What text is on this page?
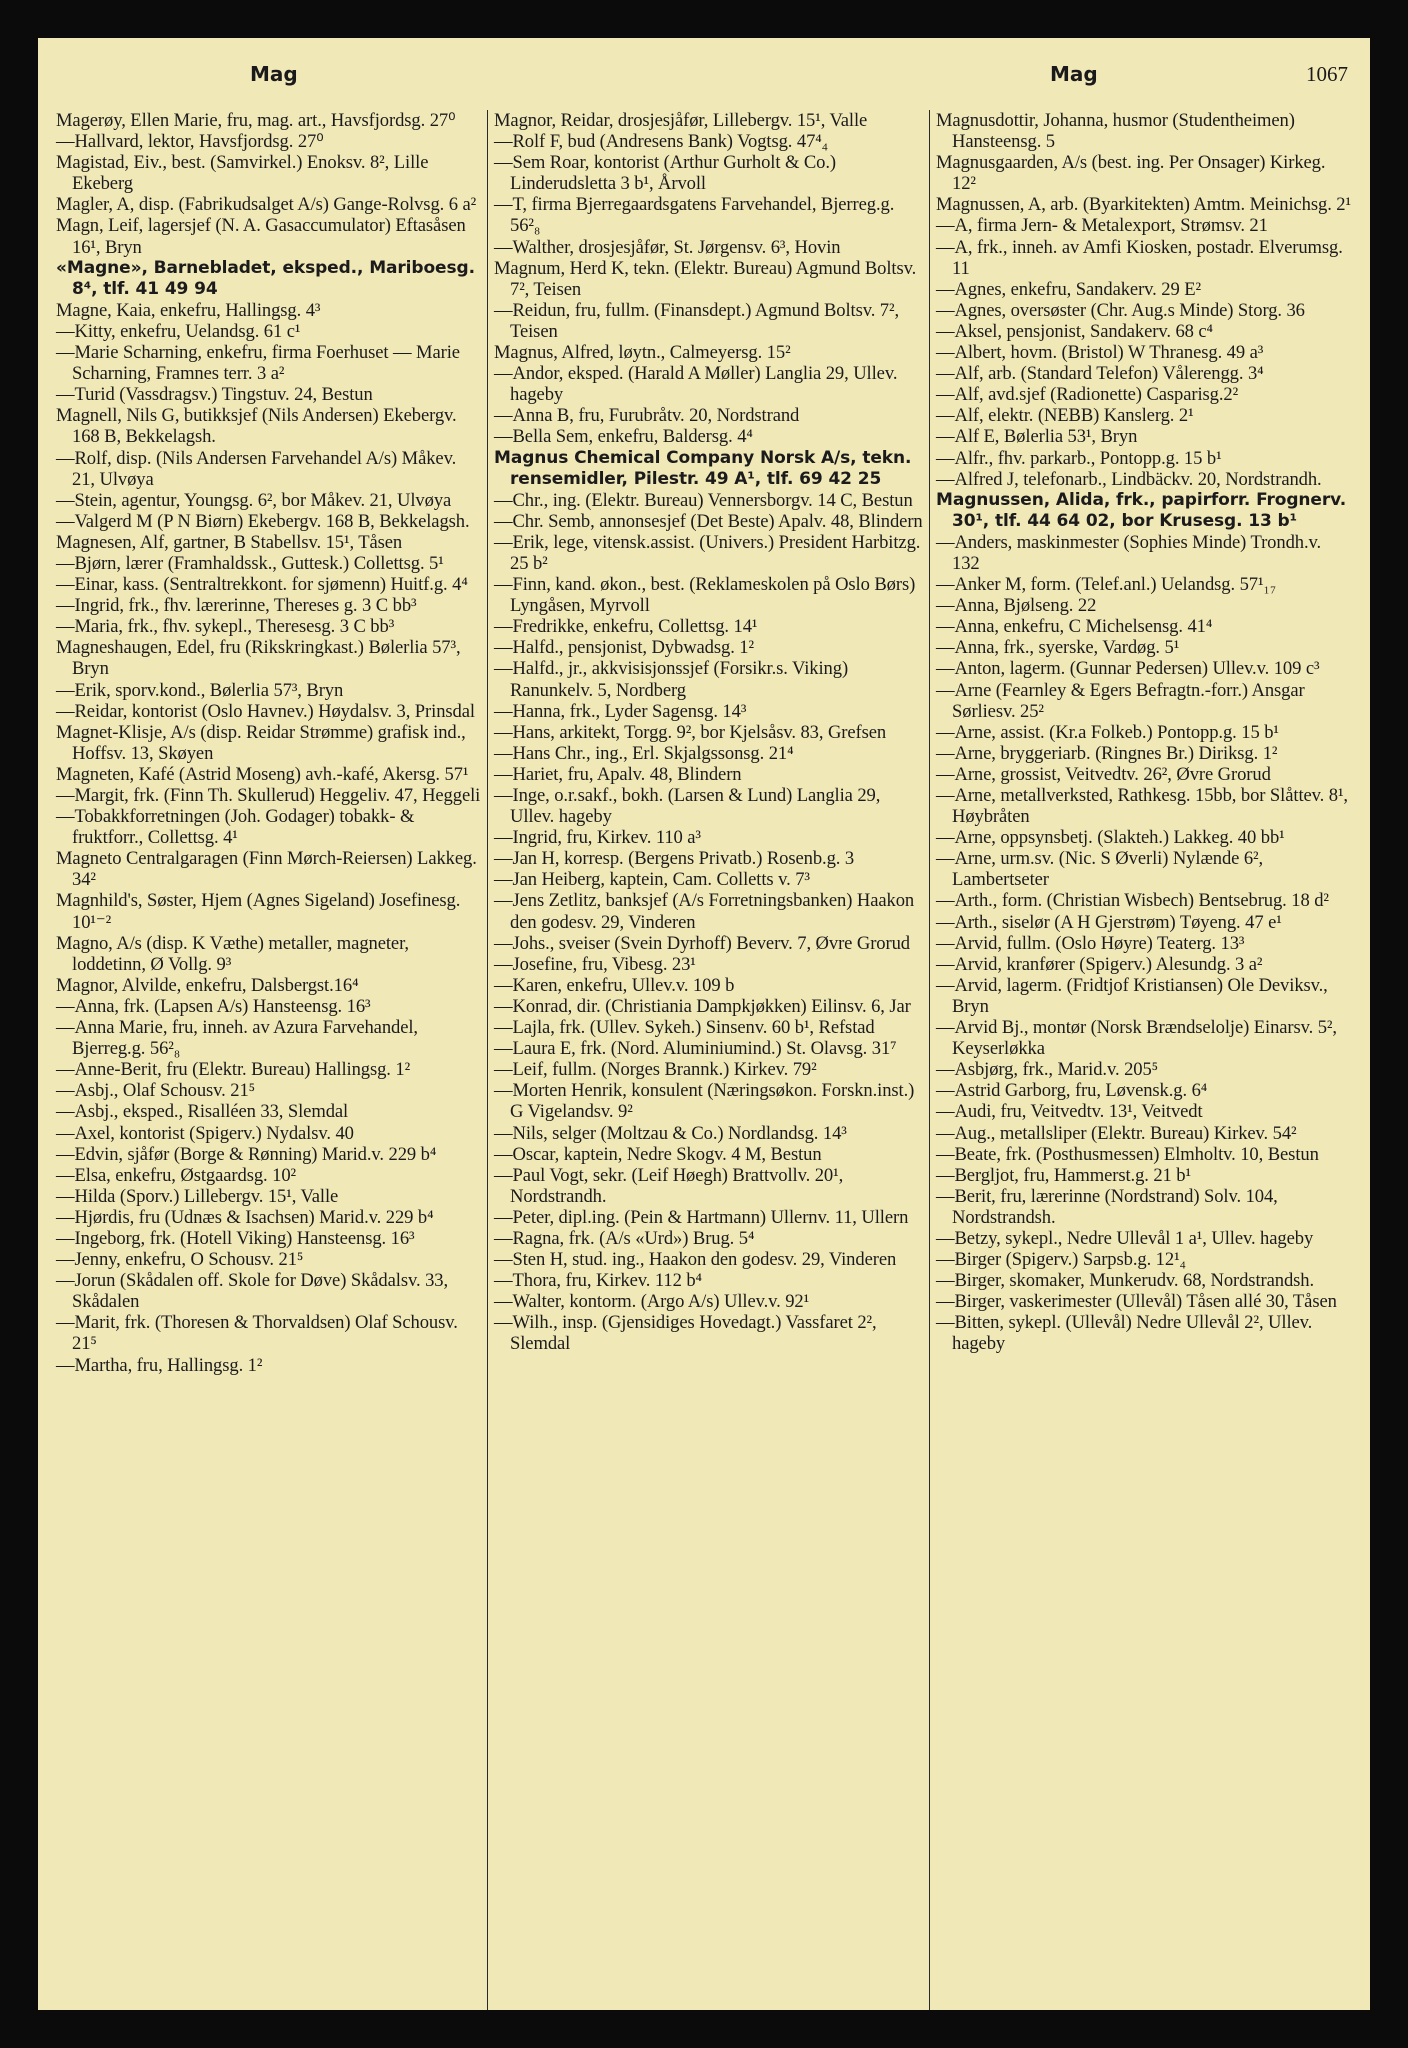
Mag	Mag	1067

Magerøy, Ellen Marie, fru, mag. art., Havsfjordsg. 27⁰

—Hallvard, lektor, Havsfjordsg. 27⁰

Magistad, Eiv., best. (Samvirkel.) Enoksv. 8², Lille Ekeberg

Magler, A, disp. (Fabrikudsalget A/s) Gange-Rolvsg. 6 a²

Magn, Leif, lagersjef (N. A. Gasaccumulator) Eftasåsen 16¹, Bryn

«Magne», Barnebladet, eksped., Mariboesg. 8⁴, tlf. 41 49 94

Magne, Kaia, enkefru, Hallingsg. 4³

—Kitty, enkefru, Uelandsg. 61 c¹

—Marie Scharning, enkefru, firma Foerhuset — Marie Scharning, Framnes terr. 3 a²

—Turid (Vassdragsv.) Tingstuv. 24, Bestun

Magnell, Nils G, butikksjef (Nils Andersen) Ekebergv. 168 B, Bekkelagsh.

—Rolf, disp. (Nils Andersen Farvehandel A/s) Måkev. 21, Ulvøya

—Stein, agentur, Youngsg. 6², bor Måkev. 21, Ulvøya

—Valgerd M (P N Biørn) Ekebergv. 168 B, Bekkelagsh.

Magnesen, Alf, gartner, B Stabellsv. 15¹, Tåsen

—Bjørn, lærer (Framhaldssk., Guttesk.) Collettsg. 5¹

—Einar, kass. (Sentraltrekkont. for sjømenn) Huitf.g. 4⁴

—Ingrid, frk., fhv. lærerinne, Thereses g. 3 C bb³

—Maria, frk., fhv. sykepl., Theresesg. 3 C bb³

Magneshaugen, Edel, fru (Rikskringkast.) Bølerlia 57³, Bryn

—Erik, sporv.kond., Bølerlia 57³, Bryn

—Reidar, kontorist (Oslo Havnev.) Høydalsv. 3, Prinsdal

Magnet-Klisje, A/s (disp. Reidar Strømme) grafisk ind., Hoffsv. 13, Skøyen

Magneten, Kafé (Astrid Moseng) avh.-kafé, Akersg. 57¹

—Margit, frk. (Finn Th. Skullerud) Heggeliv. 47, Heggeli

—Tobakkforretningen (Joh. Godager) tobakk- & fruktforr., Collettsg. 4¹

Magneto Centralgaragen (Finn Mørch-Reiersen) Lakkeg. 34²

Magnhild's, Søster, Hjem (Agnes Sigeland) Josefinesg. 10¹⁻²

Magno, A/s (disp. K Væthe) metaller, magneter, loddetinn, Ø Vollg. 9³

Magnor, Alvilde, enkefru, Dalsbergst.16⁴

—Anna, frk. (Lapsen A/s) Hansteensg. 16³

—Anna Marie, fru, inneh. av Azura Farvehandel, Bjerreg.g. 56²₈

—Anne-Berit, fru (Elektr. Bureau) Hallingsg. 1²

—Asbj., Olaf Schousv. 21⁵

—Asbj., eksped., Risalléen 33, Slemdal

—Axel, kontorist (Spigerv.) Nydalsv. 40

—Edvin, sjåfør (Borge & Rønning) Marid.v. 229 b⁴

—Elsa, enkefru, Østgaardsg. 10²

—Hilda (Sporv.) Lillebergv. 15¹, Valle

—Hjørdis, fru (Udnæs & Isachsen) Marid.v. 229 b⁴

—Ingeborg, frk. (Hotell Viking) Hansteensg. 16³

—Jenny, enkefru, O Schousv. 21⁵

—Jorun (Skådalen off. Skole for Døve) Skådalsv. 33, Skådalen

—Marit, frk. (Thoresen & Thorvaldsen) Olaf Schousv. 21⁵

—Martha, fru, Hallingsg. 1²

Magnor, Reidar, drosjesjåfør, Lillebergv. 15¹, Valle

—Rolf F, bud (Andresens Bank) Vogtsg. 47⁴₄

—Sem Roar, kontorist (Arthur Gurholt & Co.) Linderudsletta 3 b¹, Årvoll

—T, firma Bjerregaardsgatens Farvehandel, Bjerreg.g. 56²₈

—Walther, drosjesjåfør, St. Jørgensv. 6³, Hovin

Magnum, Herd K, tekn. (Elektr. Bureau) Agmund Boltsv. 7², Teisen

—Reidun, fru, fullm. (Finansdept.) Agmund Boltsv. 7², Teisen

Magnus, Alfred, løytn., Calmeyersg. 15²

—Andor, eksped. (Harald A Møller) Langlia 29, Ullev. hageby

—Anna B, fru, Furubråtv. 20, Nordstrand

—Bella Sem, enkefru, Baldersg. 4⁴

Magnus Chemical Company Norsk A/s, tekn. rensemidler, Pilestr. 49 A¹, tlf. 69 42 25

—Chr., ing. (Elektr. Bureau) Vennersborgv. 14 C, Bestun

—Chr. Semb, annonsesjef (Det Beste) Apalv. 48, Blindern

—Erik, lege, vitensk.assist. (Univers.) President Harbitzg. 25 b²

—Finn, kand. økon., best. (Reklameskolen på Oslo Børs) Lyngåsen, Myrvoll

—Fredrikke, enkefru, Collettsg. 14¹

—Halfd., pensjonist, Dybwadsg. 1²

—Halfd., jr., akkvisisjonssjef (Forsikr.s. Viking) Ranunkelv. 5, Nordberg

—Hanna, frk., Lyder Sagensg. 14³

—Hans, arkitekt, Torgg. 9², bor Kjelsåsv. 83, Grefsen

—Hans Chr., ing., Erl. Skjalgssonsg. 21⁴

—Hariet, fru, Apalv. 48, Blindern

—Inge, o.r.sakf., bokh. (Larsen & Lund) Langlia 29, Ullev. hageby

—Ingrid, fru, Kirkev. 110 a³

—Jan H, korresp. (Bergens Privatb.) Rosenb.g. 3

—Jan Heiberg, kaptein, Cam. Colletts v. 7³

—Jens Zetlitz, banksjef (A/s Forretningsbanken) Haakon den godesv. 29, Vinderen

—Johs., sveiser (Svein Dyrhoff) Beverv. 7, Øvre Grorud

—Josefine, fru, Vibesg. 23¹

—Karen, enkefru, Ullev.v. 109 b

—Konrad, dir. (Christiania Dampkjøkken) Eilinsv. 6, Jar

—Lajla, frk. (Ullev. Sykeh.) Sinsenv. 60 b¹, Refstad

—Laura E, frk. (Nord. Aluminiumind.) St. Olavsg. 31⁷

—Leif, fullm. (Norges Brannk.) Kirkev. 79²

—Morten Henrik, konsulent (Næringsøkon. Forskn.inst.) G Vigelandsv. 9²

—Nils, selger (Moltzau & Co.) Nordlandsg. 14³

—Oscar, kaptein, Nedre Skogv. 4 M, Bestun

—Paul Vogt, sekr. (Leif Høegh) Brattvollv. 20¹, Nordstrandh.

—Peter, dipl.ing. (Pein & Hartmann) Ullernv. 11, Ullern

—Ragna, frk. (A/s «Urd») Brug. 5⁴

—Sten H, stud. ing., Haakon den godesv. 29, Vinderen

—Thora, fru, Kirkev. 112 b⁴

—Walter, kontorm. (Argo A/s) Ullev.v. 92¹

—Wilh., insp. (Gjensidiges Hovedagt.) Vassfaret 2², Slemdal

Magnusdottir, Johanna, husmor (Studentheimen) Hansteensg. 5

Magnusgaarden, A/s (best. ing. Per Onsager) Kirkeg. 12²

Magnussen, A, arb. (Byarkitekten) Amtm. Meinichsg. 2¹

—A, firma Jern- & Metalexport, Strømsv. 21

—A, frk., inneh. av Amfi Kiosken, postadr. Elverumsg. 11

—Agnes, enkefru, Sandakerv. 29 E²

—Agnes, oversøster (Chr. Aug.s Minde) Storg. 36

—Aksel, pensjonist, Sandakerv. 68 c⁴

—Albert, hovm. (Bristol) W Thranesg. 49 a³

—Alf, arb. (Standard Telefon) Vålerengg. 3⁴

—Alf, avd.sjef (Radionette) Casparisg.2²

—Alf, elektr. (NEBB) Kanslerg. 2¹

—Alf E, Bølerlia 53¹, Bryn

—Alfr., fhv. parkarb., Pontopp.g. 15 b¹

—Alfred J, telefonarb., Lindbäckv. 20, Nordstrandh.

Magnussen, Alida, frk., papirforr. Frognerv. 30¹, tlf. 44 64 02, bor Krusesg. 13 b¹

—Anders, maskinmester (Sophies Minde) Trondh.v. 132

—Anker M, form. (Telef.anl.) Uelandsg. 57¹₁₇

—Anna, Bjølseng. 22

—Anna, enkefru, C Michelsensg. 41⁴

—Anna, frk., syerske, Vardøg. 5¹

—Anton, lagerm. (Gunnar Pedersen) Ullev.v. 109 c³

—Arne (Fearnley & Egers Befragtn.-forr.) Ansgar Sørliesv. 25²

—Arne, assist. (Kr.a Folkeb.) Pontopp.g. 15 b¹

—Arne, bryggeriarb. (Ringnes Br.) Diriksg. 1²

—Arne, grossist, Veitvedtv. 26², Øvre Grorud

—Arne, metallverksted, Rathkesg. 15bb, bor Slåttev. 8¹, Høybråten

—Arne, oppsynsbetj. (Slakteh.) Lakkeg. 40 bb¹

—Arne, urm.sv. (Nic. S Øverli) Nylænde 6², Lambertseter

—Arth., form. (Christian Wisbech) Bentsebrug. 18 d²

—Arth., siselør (A H Gjerstrøm) Tøyeng. 47 e¹

—Arvid, fullm. (Oslo Høyre) Teaterg. 13³

—Arvid, kranfører (Spigerv.) Alesundg. 3 a²

—Arvid, lagerm. (Fridtjof Kristiansen) Ole Deviksv., Bryn

—Arvid Bj., montør (Norsk Brændselolje) Einarsv. 5², Keyserløkka

—Asbjørg, frk., Marid.v. 205⁵

—Astrid Garborg, fru, Løvensk.g. 6⁴

—Audi, fru, Veitvedtv. 13¹, Veitvedt

—Aug., metallsliper (Elektr. Bureau) Kirkev. 54²

—Beate, frk. (Posthusmessen) Elmholtv. 10, Bestun

—Bergljot, fru, Hammerst.g. 21 b¹

—Berit, fru, lærerinne (Nordstrand) Solv. 104, Nordstrandsh.

—Betzy, sykepl., Nedre Ullevål 1 a¹, Ullev. hageby

—Birger (Spigerv.) Sarpsb.g. 12¹₄

—Birger, skomaker, Munkerudv. 68, Nordstrandsh.

—Birger, vaskerimester (Ullevål) Tåsen allé 30, Tåsen

—Bitten, sykepl. (Ullevål) Nedre Ullevål 2², Ullev. hageby
